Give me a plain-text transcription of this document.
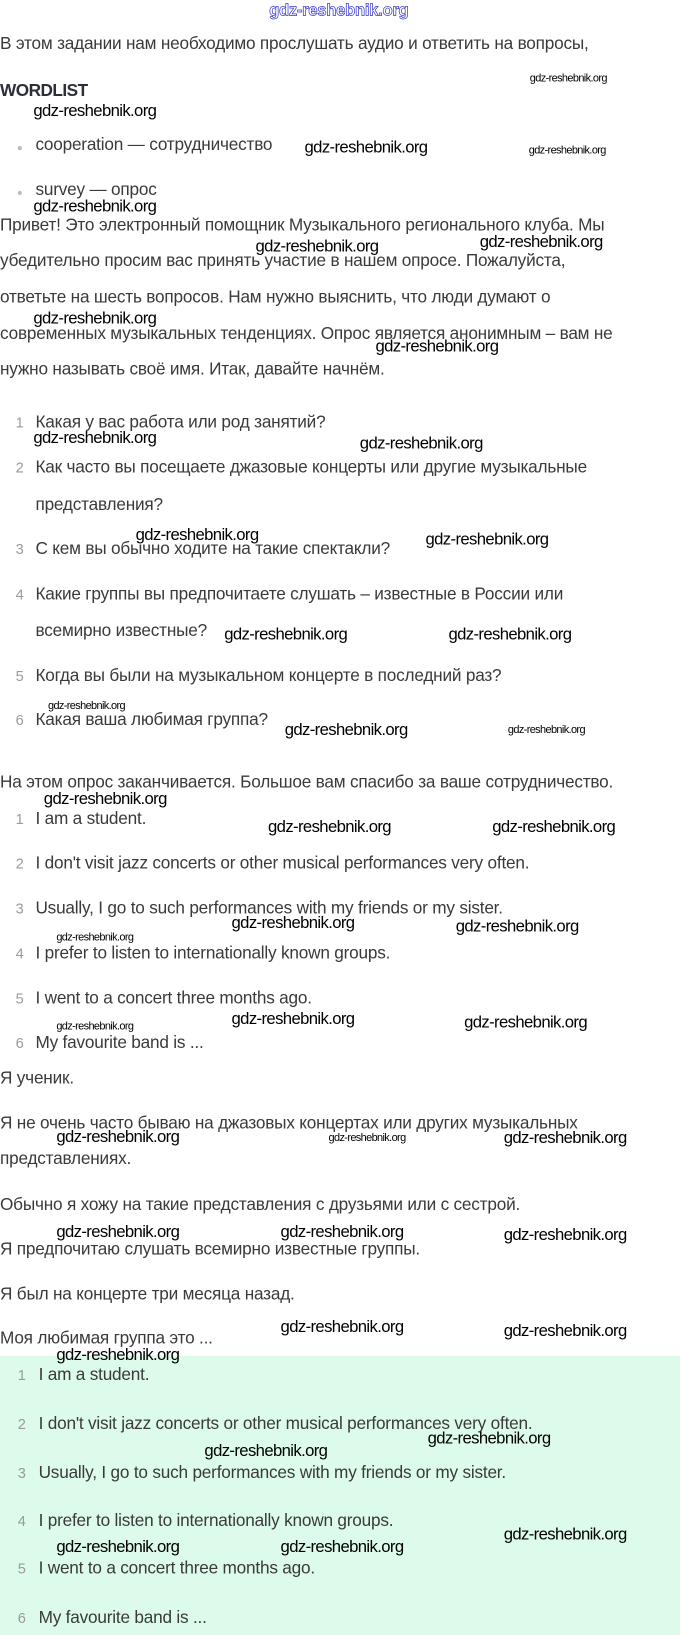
gdz-reshebnik.org
В этом задании нам необходимо прослушать аудио и ответить на вопросы,
WORDLIST
cooperation — сотрудничество
survey — опрос
Привет! Это электронный помощник Музыкального регионального клуба. Мы
убедительно просим вас принять участие в нашем опросе. Пожалуйста,
ответьте на шесть вопросов. Нам нужно выяснить, что люди думают о
современных музыкальных тенденциях. Опрос является анонимным – вам не
нужно называть своё имя. Итак, давайте начнём.
1 Какая у вас работа или род занятий?
2 Как часто вы посещаете джазовые концерты или другие музыкальные
представления?
3 С кем вы обычно ходите на такие спектакли?
4 Какие группы вы предпочитаете слушать – известные в России или
всемирно известные?
5 Когда вы были на музыкальном концерте в последний раз?
6 Какая ваша любимая группа?
1 I am a student.
2 I don't visit jazz concerts or other musical performances very often.
3 Usually, I go to such performances with my friends or my sister.
4 I prefer to listen to internationally known groups.
5 I went to a concert three months ago.
6 My favourite band is ...
Я ученик.
Я не очень часто бываю на джазовых концертах или других музыкальных
представлениях.
Обычно я хожу на такие представления с друзьями или с сестрой.
Я предпочитаю слушать всемирно известные группы.
Я был на концерте три месяца назад.
Моя любимая группа это ...
1 I am a student.
2 I don't visit jazz concerts or other musical performances very often.
3 Usually, I go to such performances with my friends or my sister.
4 I prefer to listen to internationally known groups.
5 I went to a concert three months ago.
6 My favourite band is ...
gdz-reshebnik.org
gdz-reshebnik.org
gdz-reshebnik.org	gdz-reshebnik.org
gdz-reshebnik.org
gdz-reshebnik.org	gdz-reshebnik.org
gdz-reshebnik.org
gdz-reshebnik.org
gdz-reshebnik.org	gdz-reshebnik.org
gdz-reshebnik.org	gdz-reshebnik.org
gdz-reshebnik.org	gdz-reshebnik.org
gdz-reshebnik.org
gdz-reshebnik.org	gdz-reshebnik.org
gdz-reshebnik.org
gdz-reshebnik.org	gdz-reshebnik.org
gdz-reshebnik.org
gdz-reshebnik.org
gdz-reshebnik.org
gdz-reshebnik.org	gdz-reshebnik.org	gdz-reshebnik.org
gdz-reshebnik.org	gdz-reshebnik.org	gdz-reshebnik.org
gdz-reshebnik.org	gdz-reshebnik.org	gdz-reshebnik.org
gdz-reshebnik.org	gdz-reshebnik.org
gdz-reshebnik.org
gdz-reshebnik.org
gdz-reshebnik.org
gdz-reshebnik.org
gdz-reshebnik.org	gdz-reshebnik.org
На этом опрос заканчивается. Большое вам спасибо за ваше сотрудничество.
